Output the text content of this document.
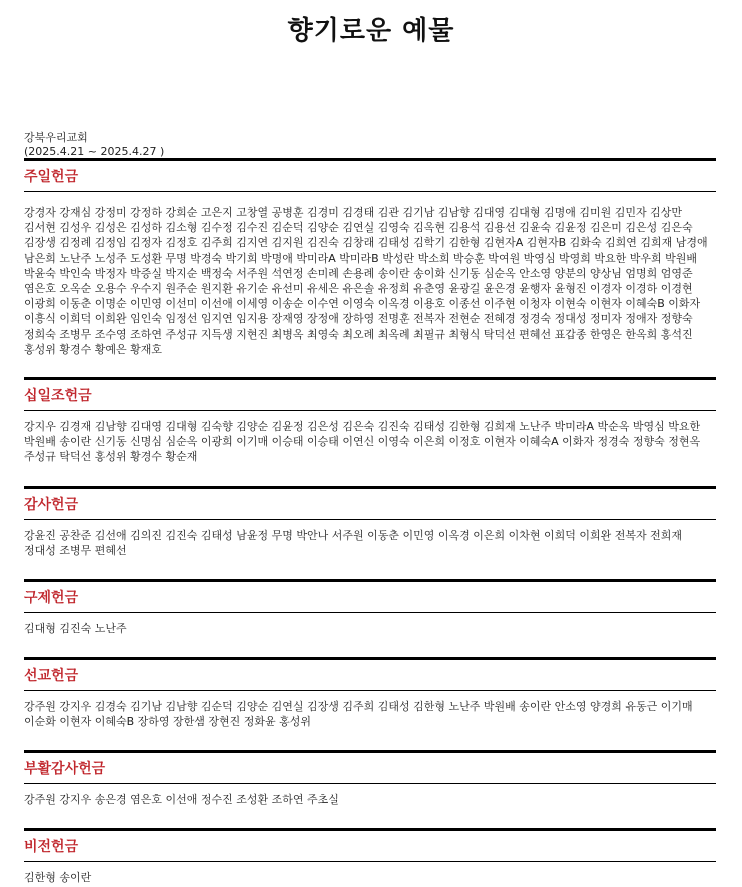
향기로운 예물
강북우리교회
(2025.4.21 ~ 2025.4.27 )
주일헌금
강경자 강재심 강정미 강정하 강희순 고은지 고창열 공병훈 김경미 김경태 김관 김기남 김남향 김대영 김대형 김명애 김미원 김민자 김상만 김서현 김성우 김성은 김성하 김소형 김수정 김수진 김순덕 김양순 김연실 김영숙 김옥현 김용석 김용선 김윤숙 김윤정 김은미 김은성 김은숙 김장생 김정례 김정임 김정자 김정호 김주희 김지연 김지원 김진숙 김창래 김태성 김학기 김한형 김현자A 김현자B 김화숙 김희연 김희재 남경애 남은희 노난주 노성주 도성환 무명 박경숙 박기희 박명애 박미라A 박미라B 박성란 박소희 박승훈 박여원 박영심 박영희 박요한 박우희 박원배 박윤숙 박인숙 박정자 박증실 박지순 백정숙 서주원 석연정 손미례 손용례 송이란 송이화 신기동 심순옥 안소영 양분의 양상님 엄명희 엄영준 염은호 오옥순 오용수 우수지 원주순 원지환 유기순 유선미 유세은 유은솔 유정희 유춘영 윤광길 윤은경 윤행자 윤형진 이경자 이경하 이경현 이광희 이동춘 이명순 이민영 이선미 이선애 이세영 이송순 이수연 이영숙 이옥경 이용호 이종선 이주현 이청자 이현숙 이현자 이혜숙B 이화자 이흥식 이희덕 이희완 임인숙 임정선 임지연 임지용 장재영 장정애 장하영 전명훈 전복자 전현순 전혜경 정경숙 정대성 정미자 정애자 정향숙 정희숙 조병무 조수영 조하연 주성규 지득생 지현진 최병옥 최영숙 최오례 최옥례 최필규 최형식 탁덕선 편혜선 표갑종 한영은 한옥희 홍석진 홍성위 황경수 황예은 황재호
십일조헌금
강지우 김경재 김남향 김대영 김대형 김숙향 김양순 김윤정 김은성 김은숙 김진숙 김태성 김한형 김희재 노난주 박미라A 박순옥 박영심 박요한 박원배 송이란 신기동 신명심 심순옥 이광희 이기매 이승태 이승태 이연신 이영숙 이은희 이정호 이현자 이혜숙A 이화자 정경숙 정향숙 정현옥 주성규 탁덕선 홍성위 황경수 황순재
감사헌금
강윤진 공찬준 김선애 김의진 김진숙 김태성 남윤정 무명 박안나 서주원 이동춘 이민영 이옥경 이은희 이차현 이희덕 이희완 전복자 전희재 정대성 조병무 편혜선
구제헌금
김대형 김진숙 노난주
선교헌금
강주원 강지우 김경숙 김기남 김남향 김순덕 김양순 김연실 김장생 김주희 김태성 김한형 노난주 박원배 송이란 안소영 양경희 유동근 이기매 이순화 이현자 이혜숙B 장하영 장한샘 장현진 정화윤 홍성위
부활감사헌금
강주원 강지우 송은경 염은호 이선애 정수진 조성환 조하연 주초실
비전헌금
김한형 송이란
